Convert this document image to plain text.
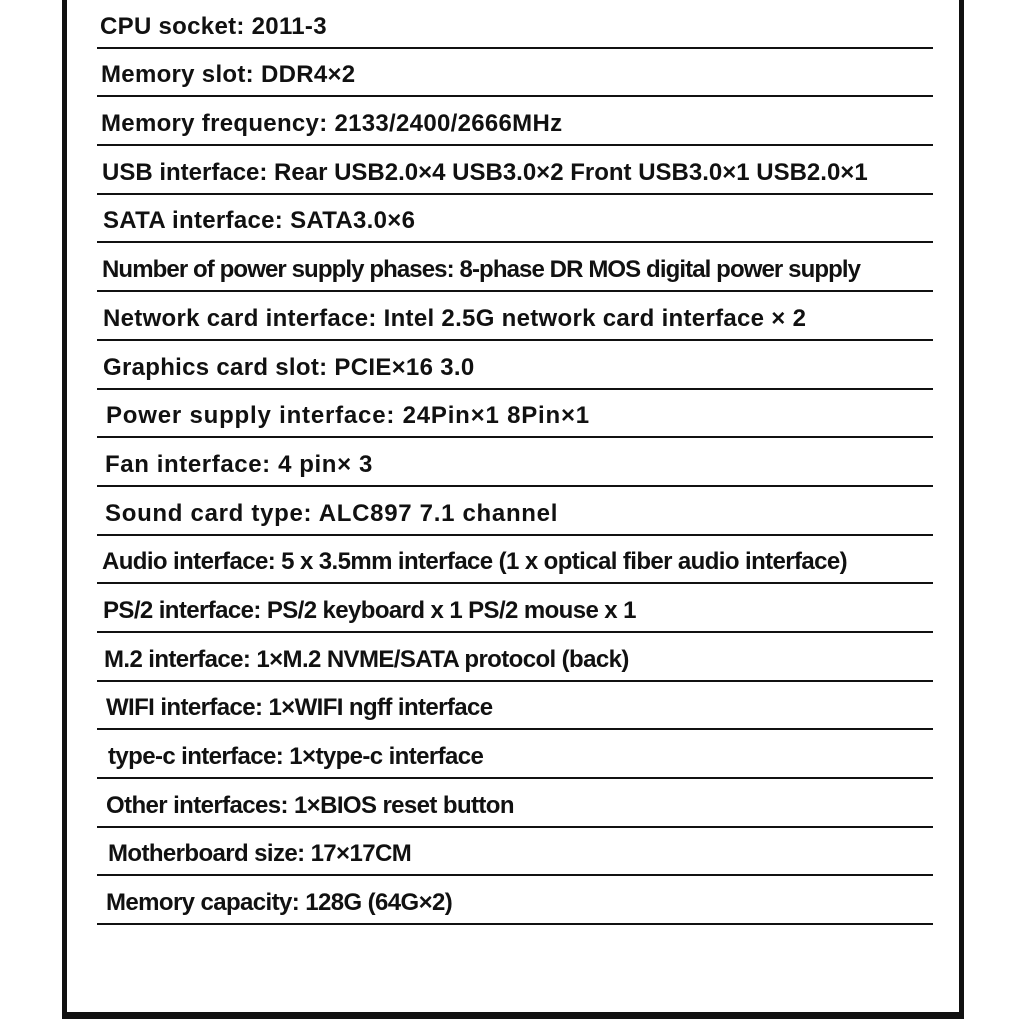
CPU socket: 2011-3
Memory slot: DDR4×2
Memory frequency: 2133/2400/2666MHz
USB interface: Rear USB2.0×4 USB3.0×2 Front USB3.0×1 USB2.0×1
SATA interface: SATA3.0×6
Number of power supply phases: 8-phase DR MOS digital power supply
Network card interface: Intel 2.5G network card interface × 2
Graphics card slot: PCIE×16 3.0
Power supply interface: 24Pin×1 8Pin×1
Fan interface: 4 pin× 3
Sound card type: ALC897 7.1 channel
Audio interface: 5 x 3.5mm interface (1 x optical fiber audio interface)
PS/2 interface: PS/2 keyboard x 1 PS/2 mouse x 1
M.2 interface: 1×M.2 NVME/SATA protocol (back)
WIFI interface: 1×WIFI ngff interface
type-c interface: 1×type-c interface
Other interfaces: 1×BIOS reset button
Motherboard size: 17×17CM
Memory capacity: 128G (64G×2)
